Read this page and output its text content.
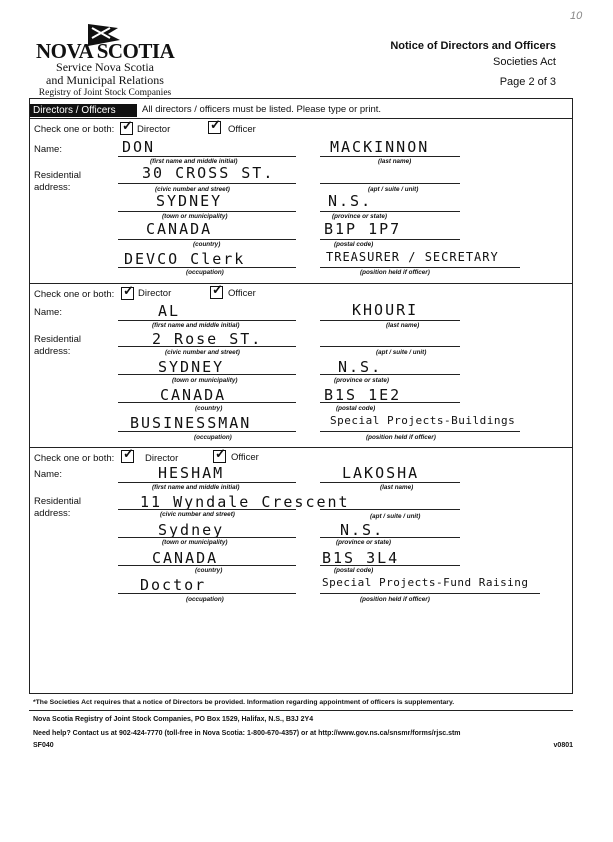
10
NOVA SCOTIA
Service Nova Scotia
and Municipal Relations
Registry of Joint Stock Companies
Notice of Directors and Officers
Societies Act
Page 2 of 3
Directors / Officers	All directors / officers must be listed. Please type or print.
Check one or both: ✓ Director	✓ Officer
Name:	DON
(first name and middle initial)
MACKINNON
(last name)
Residential
address:
30 CROSS ST.
(civic number and street)	(apt / suite / unit)
SYDNEY
(town or municipality)
N.S.
(province or state)
CANADA
(country)
B1P 1P7
(postal code)
DEVCO Clerk
(occupation)
TREASURER / SECRETARY
(position held if officer)
Check one or both: ✓ Director	✓ Officer
Name:	AL
(first name and middle initial)
KHOURI
(last name)
Residential
address:
2 Rose ST.
(civic number and street)	(apt / suite / unit)
SYDNEY
(town or municipality)
N.S.
(province or state)
CANADA
(country)
B1S 1E2
(postal code)
BUSINESSMAN
(occupation)
Special Projects-Buildings
(position held if officer)
Check one or both: ✓ Director	✓ Officer
Name:	HESHAM
(first name and middle initial)
LAKOSHA
(last name)
Residential
address:
11 Wyndale Crescent
(civic number and street)	(apt / suite / unit)
Sydney
(town or municipality)
N.S.
(province or state)
CANADA
(country)
B1S 3L4
(postal code)
Doctor
(occupation)
Special Projects-Fund Raising
(position held if officer)
*The Societies Act requires that a notice of Directors be provided. Information regarding appointment of officers is supplementary.
Nova Scotia Registry of Joint Stock Companies, PO Box 1529, Halifax, N.S., B3J 2Y4
Need help? Contact us at 902-424-7770 (toll-free in Nova Scotia: 1-800-670-4357) or at http://www.gov.ns.ca/snsmr/forms/rjsc.stm
SF040	v0801
